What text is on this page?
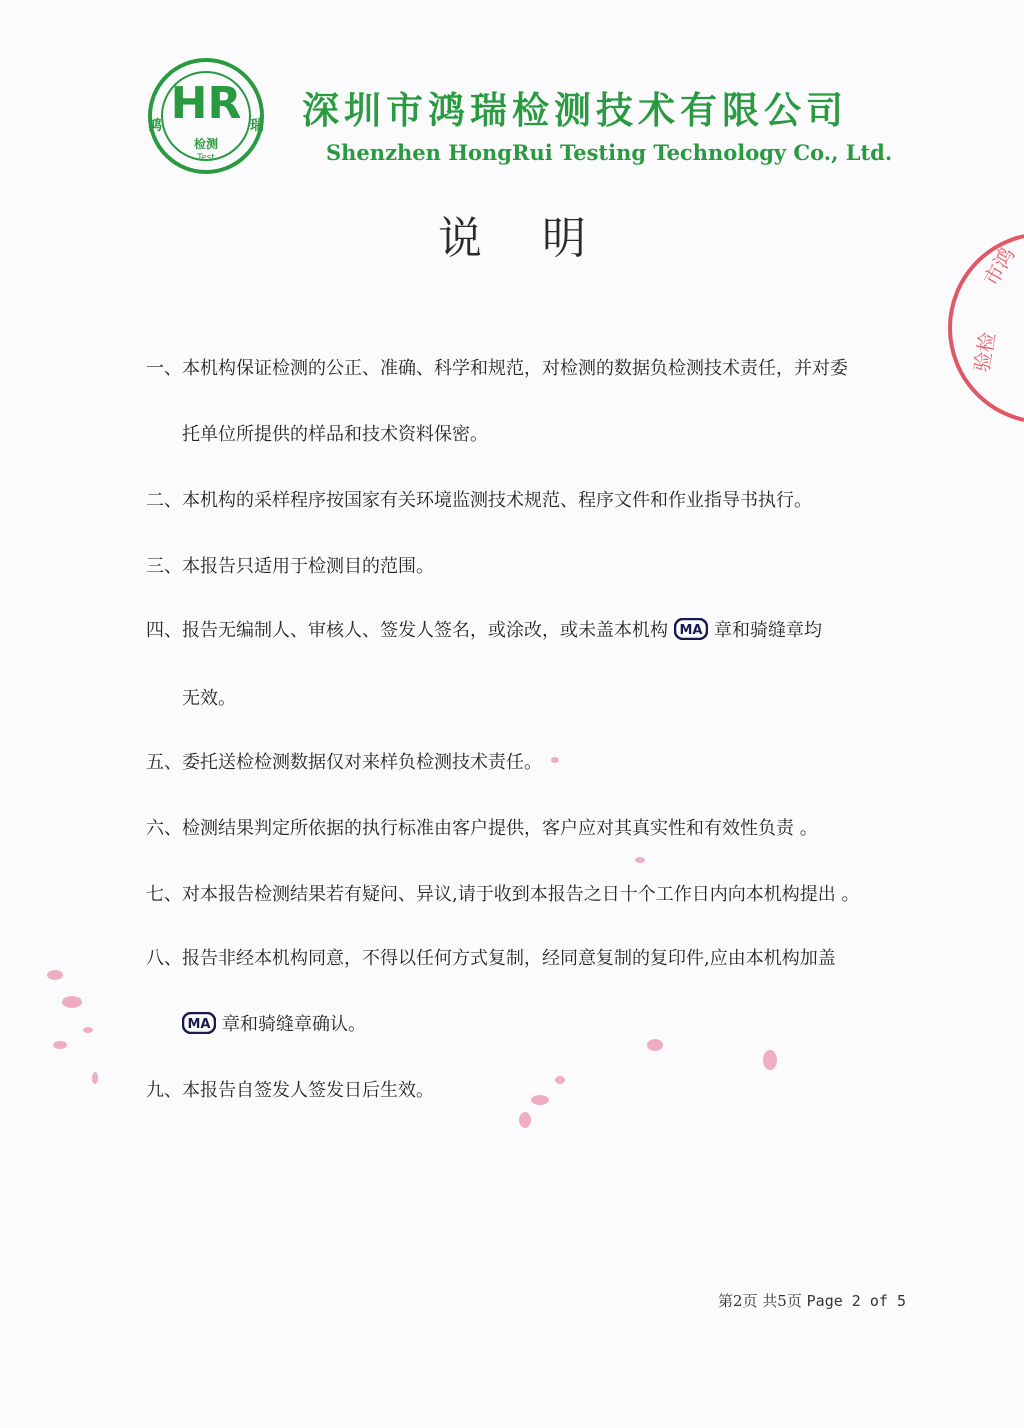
HR
鸿	瑞
检测
Test
深圳市鸿瑞检测技术有限公司
Shenzhen HongRui Testing Technology Co., Ltd.
说明
一、本机构保证检测的公正、准确、科学和规范，对检测的数据负检测技术责任，并对委
托单位所提供的样品和技术资料保密。
二、本机构的采样程序按国家有关环境监测技术规范、程序文件和作业指导书执行。
三、本报告只适用于检测目的范围。
四、报告无编制人、审核人、签发人签名，或涂改，或未盖本机构 MA 章和骑缝章均
无效。
五、委托送检检测数据仅对来样负检测技术责任。
六、检测结果判定所依据的执行标准由客户提供，客户应对其真实性和有效性负责 。
七、对本报告检测结果若有疑问、异议,请于收到本报告之日十个工作日内向本机构提出 。
八、报告非经本机构同意，不得以任何方式复制，经同意复制的复印件,应由本机构加盖
MA 章和骑缝章确认。
九、本报告自签发人签发日后生效。
第2页 共5页 Page 2 of 5
市鸿
验检
